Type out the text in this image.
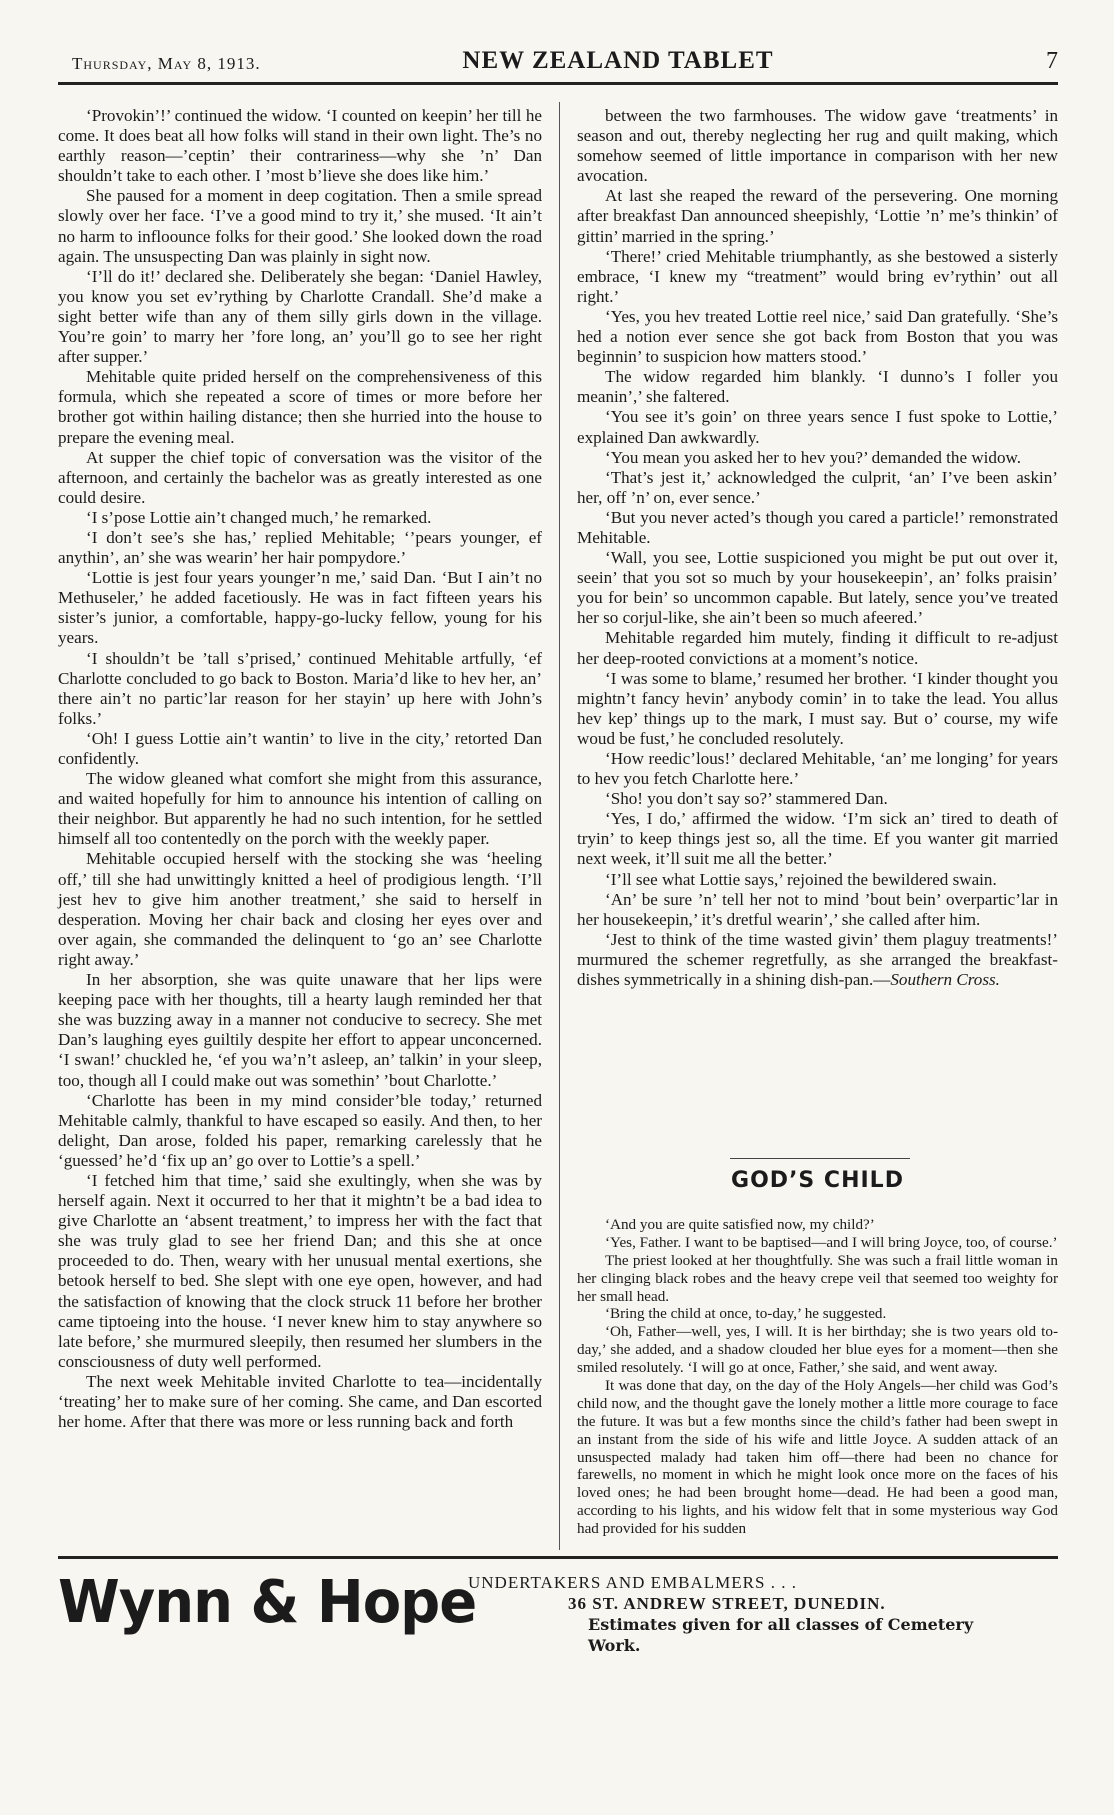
Thursday, May 8, 1913.	NEW ZEALAND TABLET	7

‘Provokin’!’ continued the widow. ‘I counted on keepin’ her till he come. It does beat all how folks will stand in their own light. The’s no earthly reason—’ceptin’ their contrariness—why she ’n’ Dan shouldn’t take to each other. I ’most b’lieve she does like him.’

She paused for a moment in deep cogitation. Then a smile spread slowly over her face. ‘I’ve a good mind to try it,’ she mused. ‘It ain’t no harm to infloounce folks for their good.’ She looked down the road again. The unsuspecting Dan was plainly in sight now.

‘I’ll do it!’ declared she. Deliberately she began: ‘Daniel Hawley, you know you set ev’rything by Charlotte Crandall. She’d make a sight better wife than any of them silly girls down in the village. You’re goin’ to marry her ’fore long, an’ you’ll go to see her right after supper.’

Mehitable quite prided herself on the comprehensiveness of this formula, which she repeated a score of times or more before her brother got within hailing distance; then she hurried into the house to prepare the evening meal.

At supper the chief topic of conversation was the visitor of the afternoon, and certainly the bachelor was as greatly interested as one could desire.

‘I s’pose Lottie ain’t changed much,’ he remarked.

‘I don’t see’s she has,’ replied Mehitable; ‘’pears younger, ef anythin’, an’ she was wearin’ her hair pompydore.’

‘Lottie is jest four years younger’n me,’ said Dan. ‘But I ain’t no Methuseler,’ he added facetiously. He was in fact fifteen years his sister’s junior, a comfortable, happy-go-lucky fellow, young for his years.

‘I shouldn’t be ’tall s’prised,’ continued Mehitable artfully, ‘ef Charlotte concluded to go back to Boston. Maria’d like to hev her, an’ there ain’t no partic’lar reason for her stayin’ up here with John’s folks.’

‘Oh! I guess Lottie ain’t wantin’ to live in the city,’ retorted Dan confidently.

The widow gleaned what comfort she might from this assurance, and waited hopefully for him to announce his intention of calling on their neighbor. But apparently he had no such intention, for he settled himself all too contentedly on the porch with the weekly paper.

Mehitable occupied herself with the stocking she was ‘heeling off,’ till she had unwittingly knitted a heel of prodigious length. ‘I’ll jest hev to give him another treatment,’ she said to herself in desperation. Moving her chair back and closing her eyes over and over again, she commanded the delinquent to ‘go an’ see Charlotte right away.’

In her absorption, she was quite unaware that her lips were keeping pace with her thoughts, till a hearty laugh reminded her that she was buzzing away in a manner not conducive to secrecy. She met Dan’s laughing eyes guiltily despite her effort to appear unconcerned. ‘I swan!’ chuckled he, ‘ef you wa’n’t asleep, an’ talkin’ in your sleep, too, though all I could make out was somethin’ ’bout Charlotte.’

‘Charlotte has been in my mind consider’ble today,’ returned Mehitable calmly, thankful to have escaped so easily. And then, to her delight, Dan arose, folded his paper, remarking carelessly that he ‘guessed’ he’d ‘fix up an’ go over to Lottie’s a spell.’

‘I fetched him that time,’ said she exultingly, when she was by herself again. Next it occurred to her that it mightn’t be a bad idea to give Charlotte an ‘absent treatment,’ to impress her with the fact that she was truly glad to see her friend Dan; and this she at once proceeded to do. Then, weary with her unusual mental exertions, she betook herself to bed. She slept with one eye open, however, and had the satisfaction of knowing that the clock struck 11 before her brother came tiptoeing into the house. ‘I never knew him to stay anywhere so late before,’ she murmured sleepily, then resumed her slumbers in the consciousness of duty well performed.

The next week Mehitable invited Charlotte to tea—incidentally ‘treating’ her to make sure of her coming. She came, and Dan escorted her home. After that there was more or less running back and forth

between the two farmhouses. The widow gave ‘treatments’ in season and out, thereby neglecting her rug and quilt making, which somehow seemed of little importance in comparison with her new avocation.

At last she reaped the reward of the persevering. One morning after breakfast Dan announced sheepishly, ‘Lottie ’n’ me’s thinkin’ of gittin’ married in the spring.’

‘There!’ cried Mehitable triumphantly, as she bestowed a sisterly embrace, ‘I knew my “treatment” would bring ev’rythin’ out all right.’

‘Yes, you hev treated Lottie reel nice,’ said Dan gratefully. ‘She’s hed a notion ever sence she got back from Boston that you was beginnin’ to suspicion how matters stood.’

The widow regarded him blankly. ‘I dunno’s I foller you meanin’,’ she faltered.

‘You see it’s goin’ on three years sence I fust spoke to Lottie,’ explained Dan awkwardly.

‘You mean you asked her to hev you?’ demanded the widow.

‘That’s jest it,’ acknowledged the culprit, ‘an’ I’ve been askin’ her, off ’n’ on, ever sence.’

‘But you never acted’s though you cared a particle!’ remonstrated Mehitable.

‘Wall, you see, Lottie suspicioned you might be put out over it, seein’ that you sot so much by your housekeepin’, an’ folks praisin’ you for bein’ so uncommon capable. But lately, sence you’ve treated her so corjul-like, she ain’t been so much afeered.’

Mehitable regarded him mutely, finding it difficult to re-adjust her deep-rooted convictions at a moment’s notice.

‘I was some to blame,’ resumed her brother. ‘I kinder thought you mightn’t fancy hevin’ anybody comin’ in to take the lead. You allus hev kep’ things up to the mark, I must say. But o’ course, my wife woud be fust,’ he concluded resolutely.

‘How reedic’lous!’ declared Mehitable, ‘an’ me longing’ for years to hev you fetch Charlotte here.’

‘Sho! you don’t say so?’ stammered Dan.

‘Yes, I do,’ affirmed the widow. ‘I’m sick an’ tired to death of tryin’ to keep things jest so, all the time. Ef you wanter git married next week, it’ll suit me all the better.’

‘I’ll see what Lottie says,’ rejoined the bewildered swain.

‘An’ be sure ’n’ tell her not to mind ’bout bein’ overpartic’lar in her housekeepin,’ it’s dretful wearin’,’ she called after him.

‘Jest to think of the time wasted givin’ them plaguy treatments!’ murmured the schemer regretfully, as she arranged the breakfast-dishes symmetrically in a shining dish-pan.—Southern Cross.

GOD’S CHILD

‘And you are quite satisfied now, my child?’

‘Yes, Father. I want to be baptised—and I will bring Joyce, too, of course.’

The priest looked at her thoughtfully. She was such a frail little woman in her clinging black robes and the heavy crepe veil that seemed too weighty for her small head.

‘Bring the child at once, to-day,’ he suggested.

‘Oh, Father—well, yes, I will. It is her birthday; she is two years old to-day,’ she added, and a shadow clouded her blue eyes for a moment—then she smiled resolutely. ‘I will go at once, Father,’ she said, and went away.

It was done that day, on the day of the Holy Angels—her child was God’s child now, and the thought gave the lonely mother a little more courage to face the future. It was but a few months since the child’s father had been swept in an instant from the side of his wife and little Joyce. A sudden attack of an unsuspected malady had taken him off—there had been no chance for farewells, no moment in which he might look once more on the faces of his loved ones; he had been brought home—dead. He had been a good man, according to his lights, and his widow felt that in some mysterious way God had provided for his sudden

Wynn & Hope
UNDERTAKERS AND EMBALMERS . . .
36 ST. ANDREW STREET, DUNEDIN.
Estimates given for all classes of Cemetery Work.
